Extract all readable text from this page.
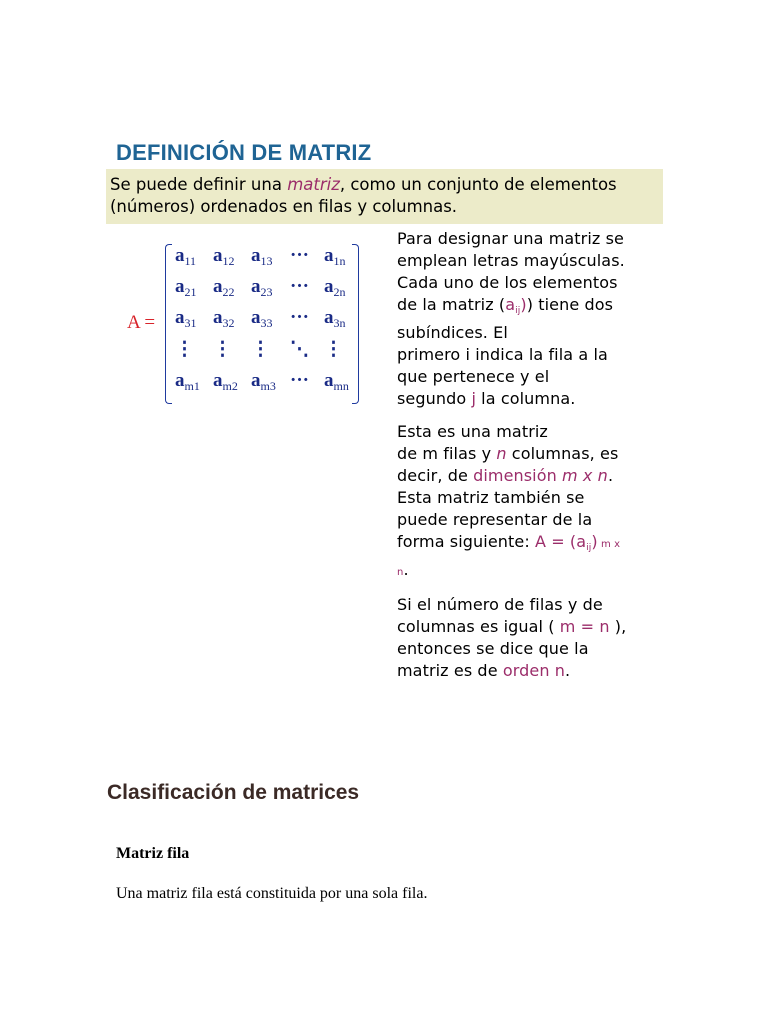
DEFINICIÓN DE MATRIZ

Se puede definir una matriz, como un conjunto de elementos
(números) ordenados en filas y columnas.

A =
$a_{11}$ $a_{12}$ $a_{13}$ ··· $a_{1n}$
$a_{21}$ $a_{22}$ $a_{23}$ ··· $a_{2n}$
$a_{31}$ $a_{32}$ $a_{33}$ ··· $a_{3n}$
⋮ ⋮ ⋮ ⋱ ⋮
$a_{m1}$ $a_{m2}$ $a_{m3}$ ··· $a_{mn}$
Para designar una matriz se
emplean letras mayúsculas.
Cada uno de los elementos
de la matriz $(a_{ij})$) tiene dos
subíndices. El
primero i indica la fila a la
que pertenece y el
segundo j la columna.
Esta es una matriz
de m filas y n columnas, es
decir, de dimensión m x n.
Esta matriz también se
puede representar de la
forma siguiente: $A = (a_{ij})$ m x
n.
Si el número de filas y de
columnas es igual ( m = n ),
entonces se dice que la
matriz es de orden n.
Clasificación de matrices
Matriz fila
Una matriz fila está constituida por una sola fila.
